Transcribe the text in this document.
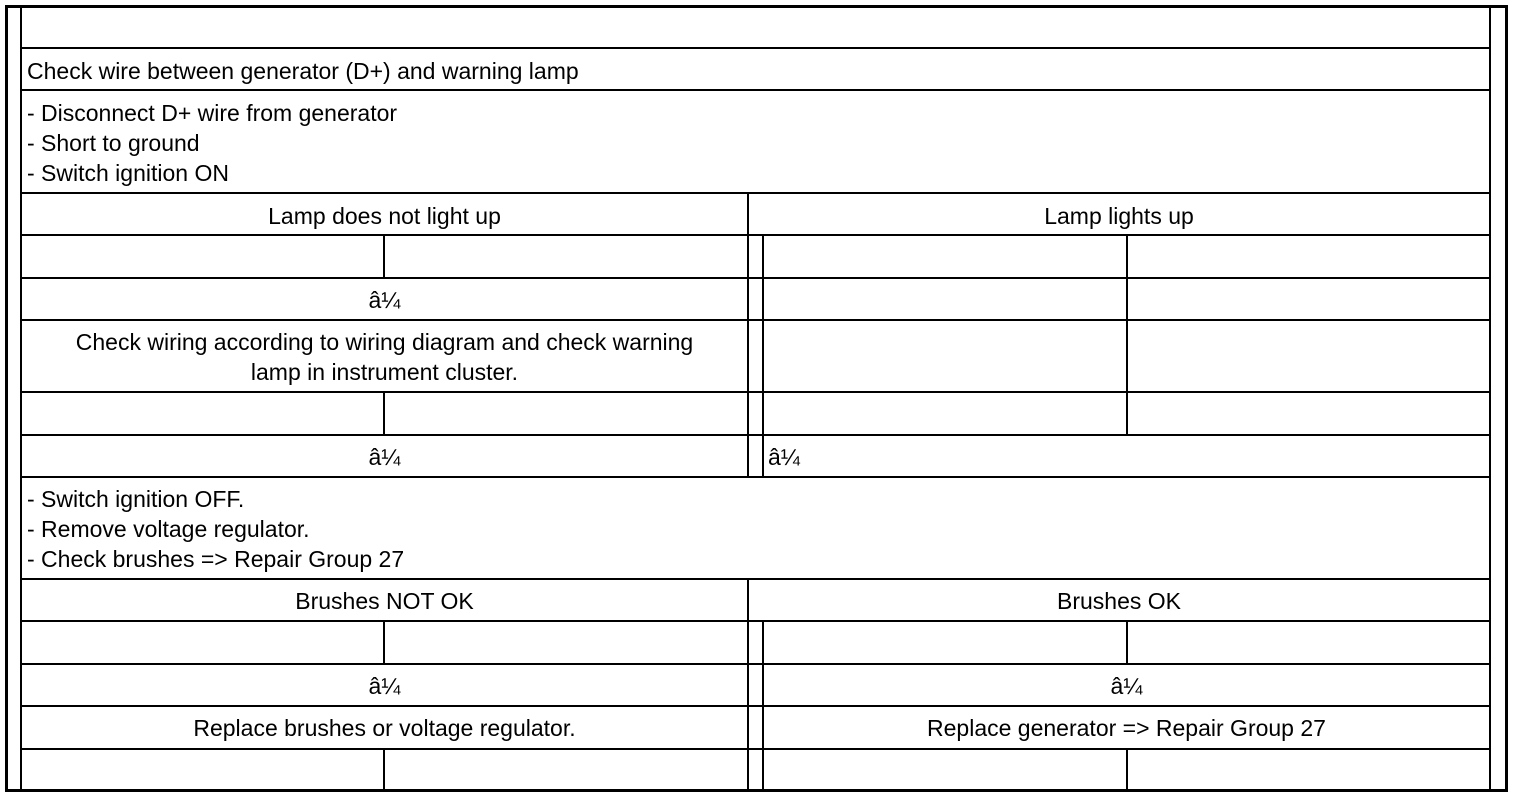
Check wire between generator (D+) and warning lamp
- Disconnect D+ wire from generator
- Short to ground
- Switch ignition ON
Lamp does not light up	Lamp lights up
â¼
Check wiring according to wiring diagram and check warning
lamp in instrument cluster.
â¼	â¼
- Switch ignition OFF.
- Remove voltage regulator.
- Check brushes => Repair Group 27
Brushes NOT OK	Brushes OK
â¼	â¼
Replace brushes or voltage regulator.	Replace generator => Repair Group 27
